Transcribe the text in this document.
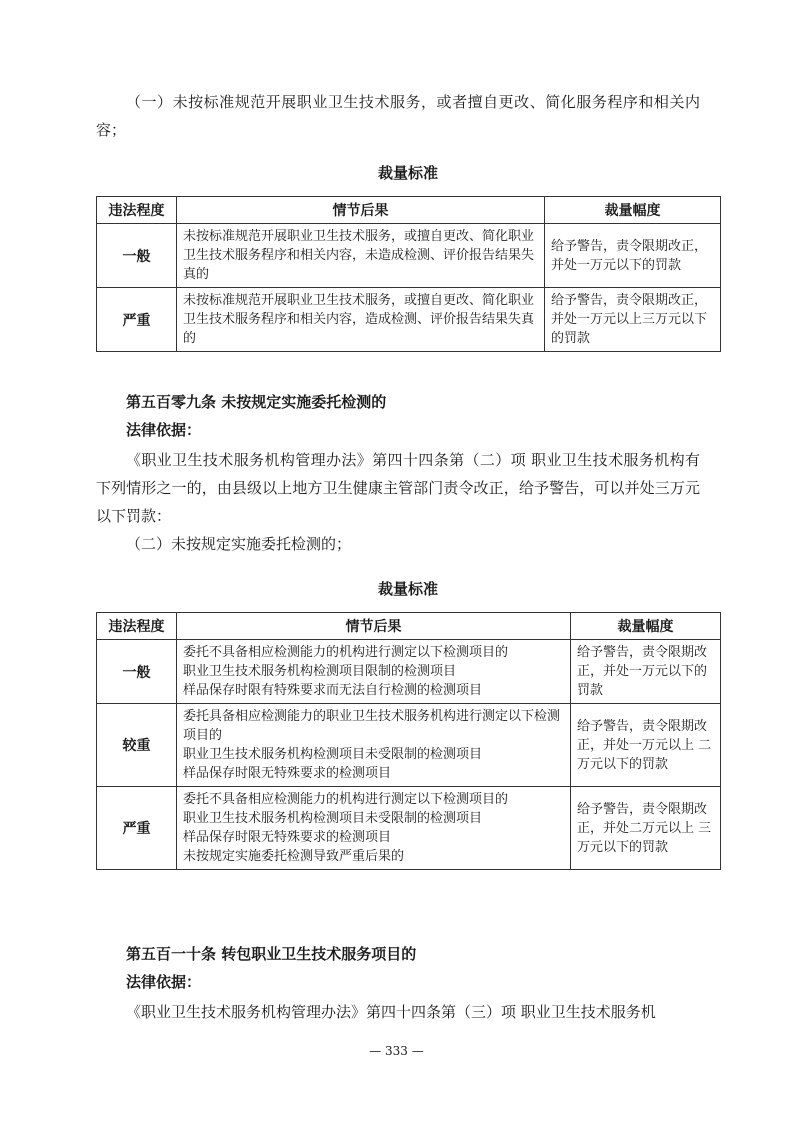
（一）未按标准规范开展职业卫生技术服务，或者擅自更改、简化服务程序和相关内容；

裁量标准

违法程度	情节后果	裁量幅度
一般	未按标准规范开展职业卫生技术服务，或擅自更改、简化职业卫生技术服务程序和相关内容，未造成检测、评价报告结果失真的	给予警告，责令限期改正，并处一万元以下的罚款
严重	未按标准规范开展职业卫生技术服务，或擅自更改、简化职业卫生技术服务程序和相关内容，造成检测、评价报告结果失真的	给予警告，责令限期改正，并处一万元以上三万元以下的罚款

第五百零九条 未按规定实施委托检测的

法律依据：

《职业卫生技术服务机构管理办法》第四十四条第（二）项 职业卫生技术服务机构有下列情形之一的，由县级以上地方卫生健康主管部门责令改正，给予警告，可以并处三万元以下罚款：

（二）未按规定实施委托检测的；

裁量标准

违法程度	情节后果	裁量幅度
一般	委托不具备相应检测能力的机构进行测定以下检测项目的
职业卫生技术服务机构检测项目限制的检测项目
样品保存时限有特殊要求而无法自行检测的检测项目	给予警告，责令限期改正，并处一万元以下的罚款
较重	委托具备相应检测能力的职业卫生技术服务机构进行测定以下检测项目的
职业卫生技术服务机构检测项目未受限制的检测项目
样品保存时限无特殊要求的检测项目	给予警告，责令限期改正，并处一万元以上 二万元以下的罚款
严重	委托不具备相应检测能力的机构进行测定以下检测项目的
职业卫生技术服务机构检测项目未受限制的检测项目
样品保存时限无特殊要求的检测项目
未按规定实施委托检测导致严重后果的	给予警告，责令限期改正，并处二万元以上 三万元以下的罚款

第五百一十条 转包职业卫生技术服务项目的

法律依据：

《职业卫生技术服务机构管理办法》第四十四条第（三）项 职业卫生技术服务机

— 333 —
